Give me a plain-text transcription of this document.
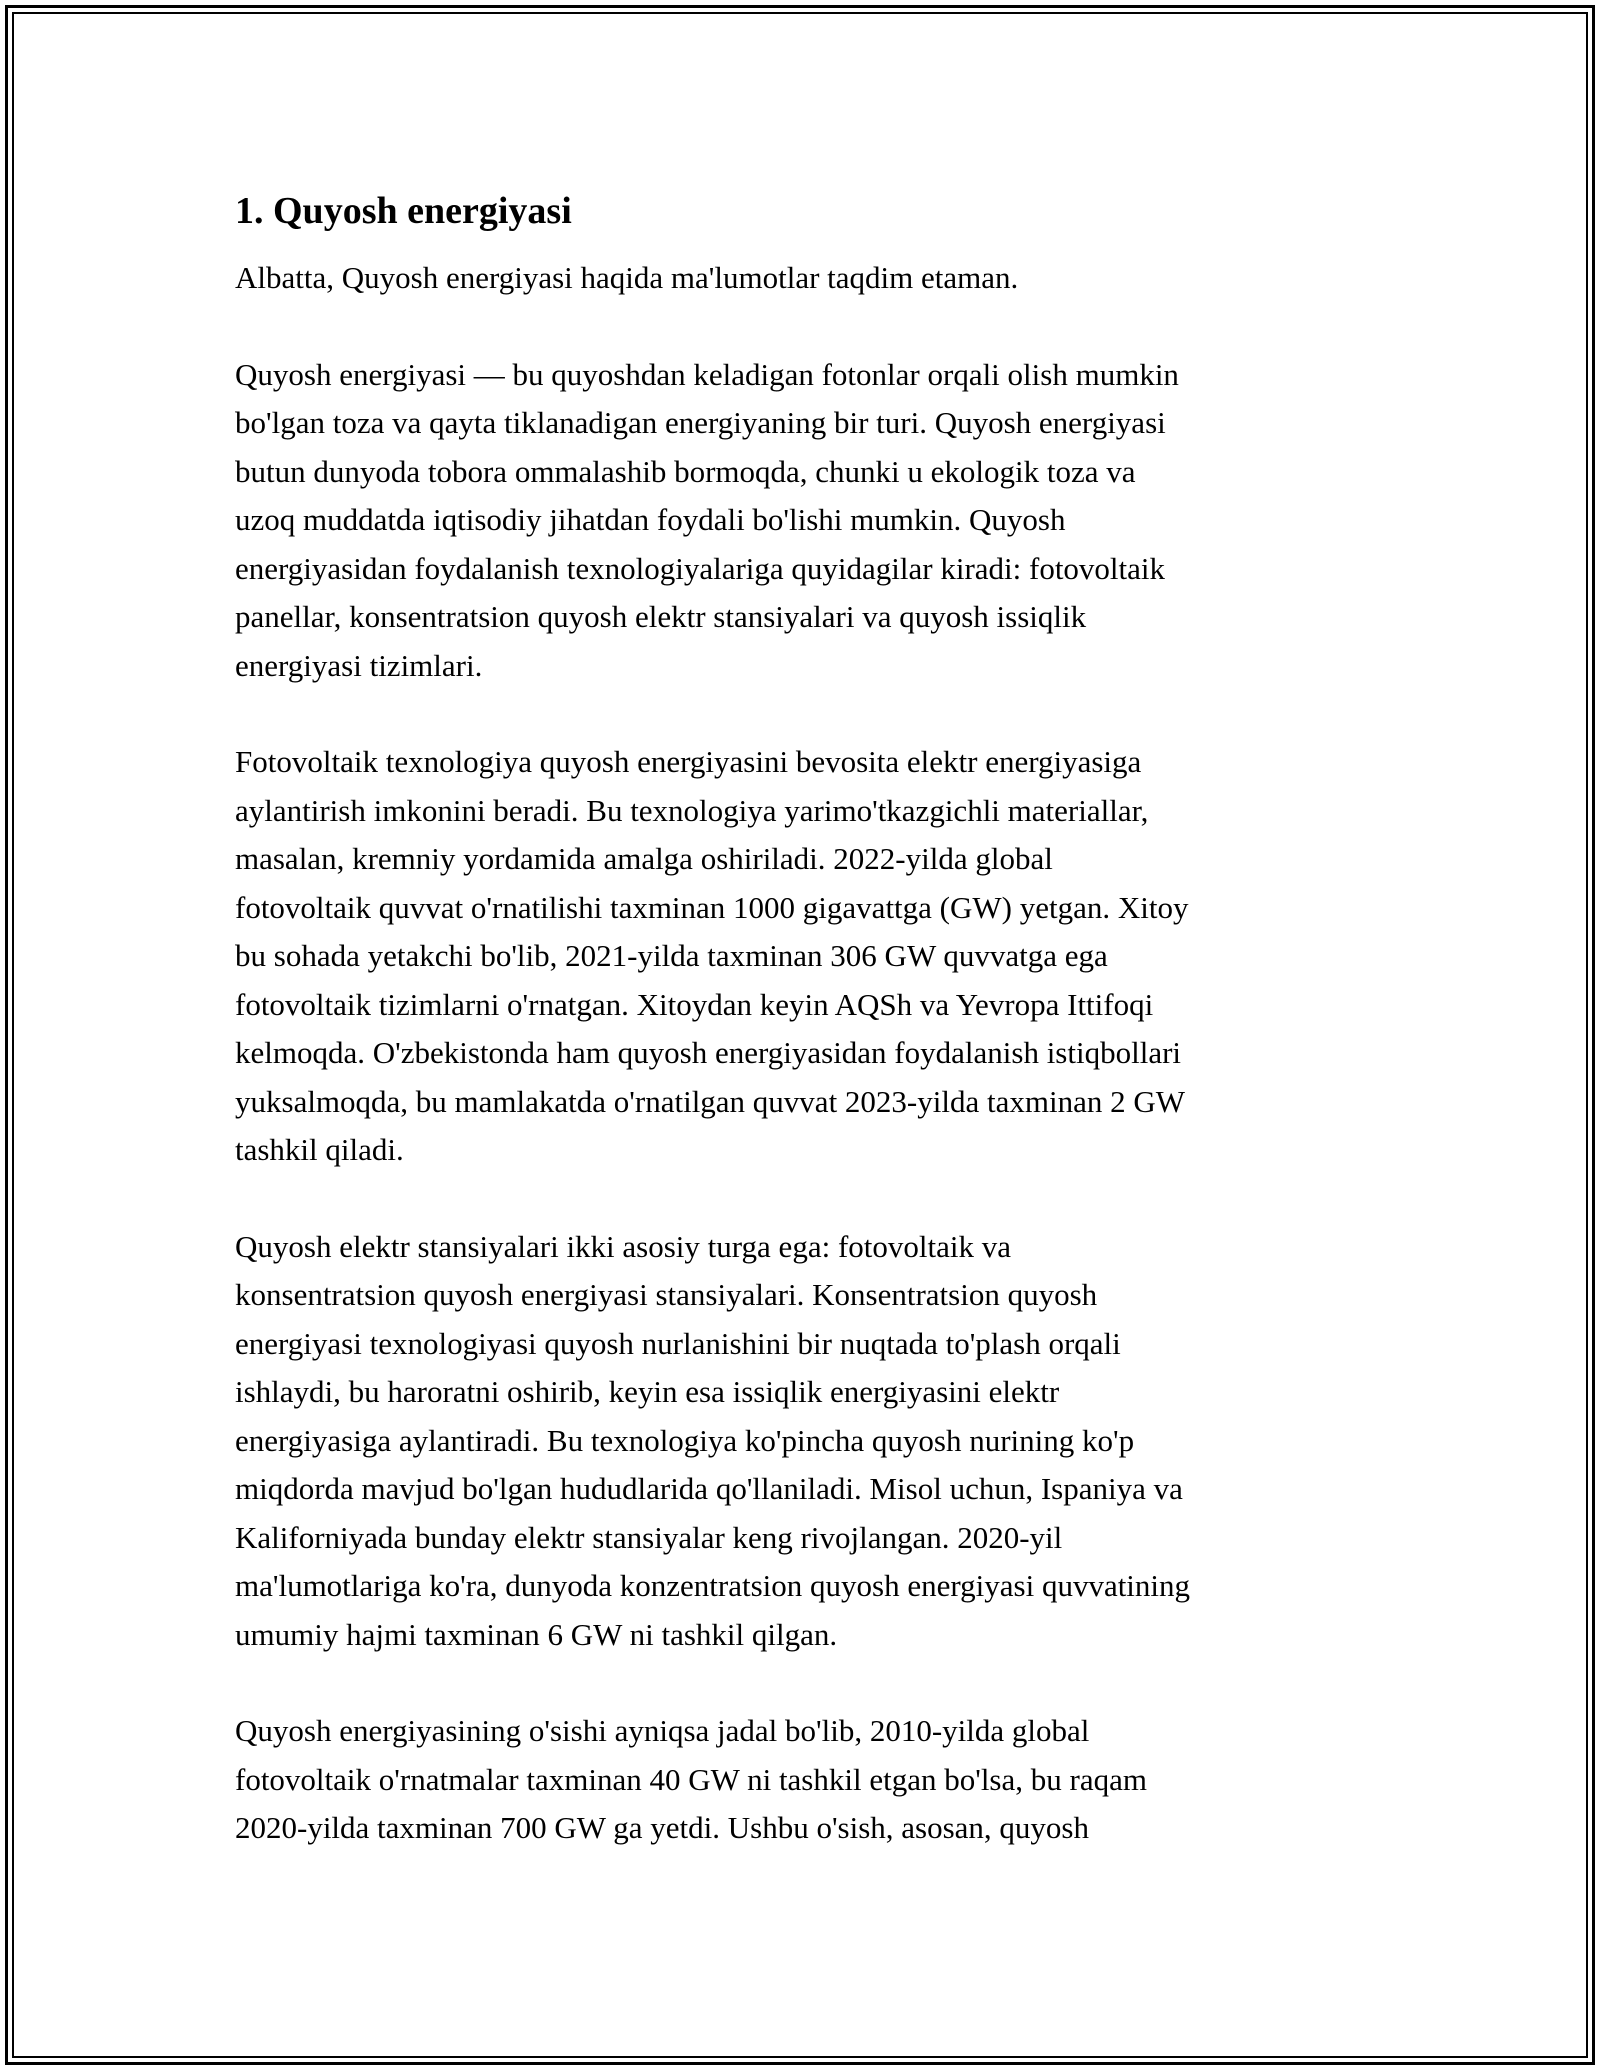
1. Quyosh energiyasi

Albatta, Quyosh energiyasi haqida ma'lumotlar taqdim etaman.

Quyosh energiyasi — bu quyoshdan keladigan fotonlar orqali olish mumkin
bo'lgan toza va qayta tiklanadigan energiyaning bir turi. Quyosh energiyasi
butun dunyoda tobora ommalashib bormoqda, chunki u ekologik toza va
uzoq muddatda iqtisodiy jihatdan foydali bo'lishi mumkin. Quyosh
energiyasidan foydalanish texnologiyalariga quyidagilar kiradi: fotovoltaik
panellar, konsentratsion quyosh elektr stansiyalari va quyosh issiqlik
energiyasi tizimlari.

Fotovoltaik texnologiya quyosh energiyasini bevosita elektr energiyasiga
aylantirish imkonini beradi. Bu texnologiya yarimo'tkazgichli materiallar,
masalan, kremniy yordamida amalga oshiriladi. 2022-yilda global
fotovoltaik quvvat o'rnatilishi taxminan 1000 gigavattga (GW) yetgan. Xitoy
bu sohada yetakchi bo'lib, 2021-yilda taxminan 306 GW quvvatga ega
fotovoltaik tizimlarni o'rnatgan. Xitoydan keyin AQSh va Yevropa Ittifoqi
kelmoqda. O'zbekistonda ham quyosh energiyasidan foydalanish istiqbollari
yuksalmoqda, bu mamlakatda o'rnatilgan quvvat 2023-yilda taxminan 2 GW
tashkil qiladi.

Quyosh elektr stansiyalari ikki asosiy turga ega: fotovoltaik va
konsentratsion quyosh energiyasi stansiyalari. Konsentratsion quyosh
energiyasi texnologiyasi quyosh nurlanishini bir nuqtada to'plash orqali
ishlaydi, bu haroratni oshirib, keyin esa issiqlik energiyasini elektr
energiyasiga aylantiradi. Bu texnologiya ko'pincha quyosh nurining ko'p
miqdorda mavjud bo'lgan hududlarida qo'llaniladi. Misol uchun, Ispaniya va
Kaliforniyada bunday elektr stansiyalar keng rivojlangan. 2020-yil
ma'lumotlariga ko'ra, dunyoda konzentratsion quyosh energiyasi quvvatining
umumiy hajmi taxminan 6 GW ni tashkil qilgan.

Quyosh energiyasining o'sishi ayniqsa jadal bo'lib, 2010-yilda global
fotovoltaik o'rnatmalar taxminan 40 GW ni tashkil etgan bo'lsa, bu raqam
2020-yilda taxminan 700 GW ga yetdi. Ushbu o'sish, asosan, quyosh
